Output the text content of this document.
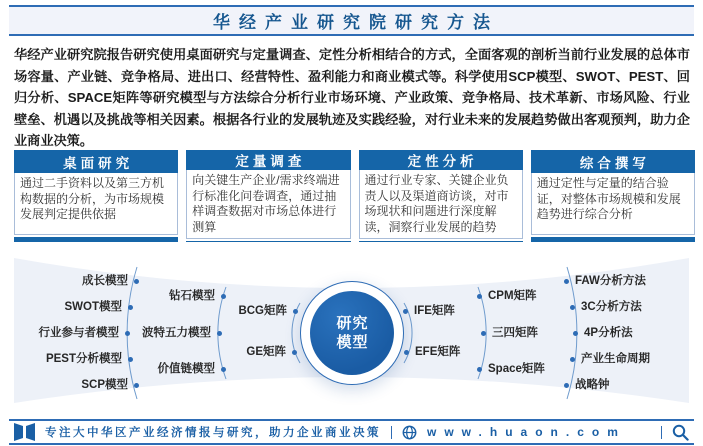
华经产业研究院研究方法
华经产业研究院报告研究使用桌面研究与定量调查、定性分析相结合的方式，全面客观的剖析当前行业发展的总体市场容量、产业链、竞争格局、进出口、经营特性、盈利能力和商业模式等。科学使用SCP模型、SWOT、PEST、回归分析、SPACE矩阵等研究模型与方法综合分析行业市场环境、产业政策、竞争格局、技术革新、市场风险、行业壁垒、机遇以及挑战等相关因素。根据各行业的发展轨迹及实践经验，对行业未来的发展趋势做出客观预判，助力企业商业决策。
桌面研究
通过二手资料以及第三方机构数据的分析，为市场规模发展判定提供依据
定量调查
向关键生产企业/需求终端进行标准化问卷调查，通过抽样调查数据对市场总体进行测算
定性分析
通过行业专家、关键企业负责人以及渠道商访谈，对市场现状和问题进行深度解读，洞察行业发展的趋势
综合撰写
通过定性与定量的结合验证，对整体市场规模和发展趋势进行综合分析
研究
模型
成长模型
SWOT模型
行业参与者模型
PEST分析模型
SCP模型
钻石模型
波特五力模型
价值链模型
BCG矩阵
GE矩阵
IFE矩阵
EFE矩阵
CPM矩阵
三四矩阵
Space矩阵
FAW分析方法
3C分析方法
4P分析法
产业生命周期
战略钟
专注大中华区产业经济情报与研究，助力企业商业决策	www.huaon.com
